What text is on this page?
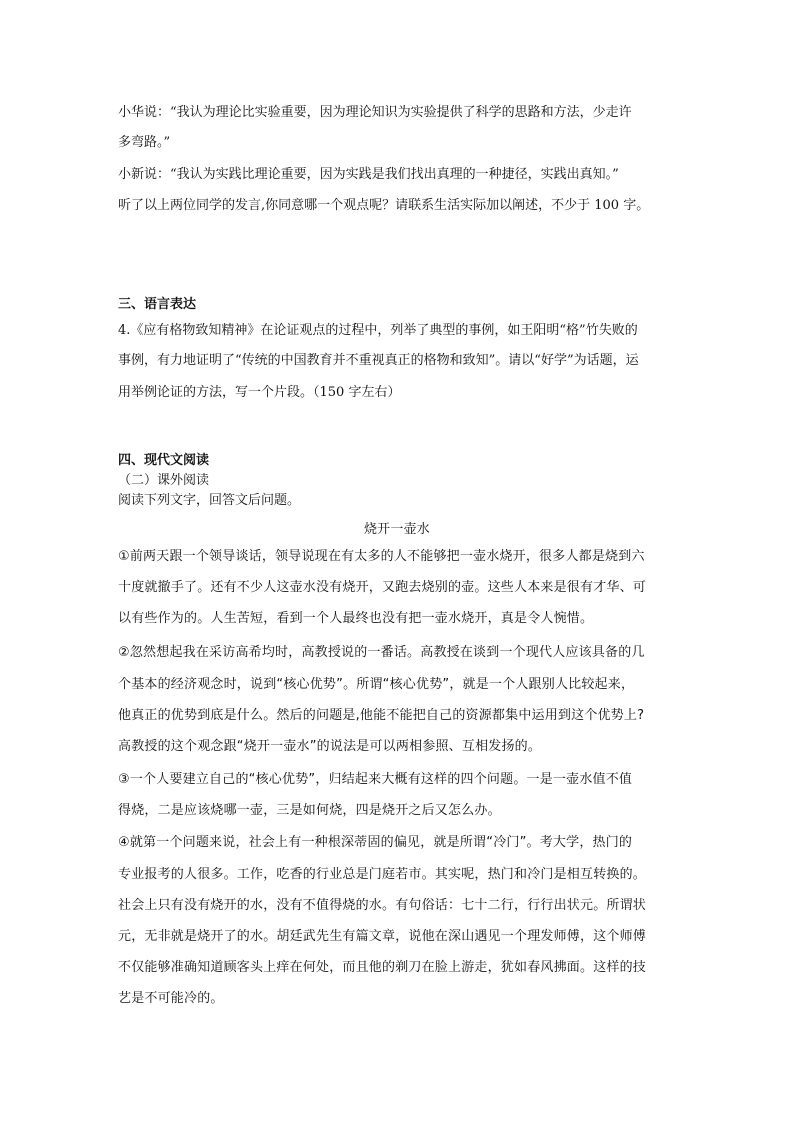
小华说：“我认为理论比实验重要，因为理论知识为实验提供了科学的思路和方法，少走许
多弯路。”
小新说：“我认为实践比理论重要，因为实践是我们找出真理的一种捷径，实践出真知。”
听了以上两位同学的发言,你同意哪一个观点呢？请联系生活实际加以阐述，不少于 100 字。
三、语言表达
4.《应有格物致知精神》在论证观点的过程中，列举了典型的事例，如王阳明“格”竹失败的
事例，有力地证明了“传统的中国教育并不重视真正的格物和致知”。请以“好学”为话题，运
用举例论证的方法，写一个片段。（150 字左右）
四、现代文阅读
（二）课外阅读
阅读下列文字，回答文后问题。
烧开一壶水
①前两天跟一个领导谈话，领导说现在有太多的人不能够把一壶水烧开，很多人都是烧到六
十度就撤手了。还有不少人这壶水没有烧开，又跑去烧别的壶。这些人本来是很有才华、可
以有些作为的。人生苦短，看到一个人最终也没有把一壶水烧开，真是令人惋惜。
②忽然想起我在采访高希均时，高教授说的一番话。高教授在谈到一个现代人应该具备的几
个基本的经济观念时，说到“核心优势”。所谓“核心优势”，就是一个人跟别人比较起来，
他真正的优势到底是什么。然后的问题是,他能不能把自己的资源都集中运用到这个优势上?
高教授的这个观念跟“烧开一壶水”的说法是可以两相参照、互相发扬的。
③一个人要建立自己的“核心优势”，归结起来大概有这样的四个问题。一是一壶水值不值
得烧，二是应该烧哪一壶，三是如何烧，四是烧开之后又怎么办。
④就第一个问题来说，社会上有一种根深蒂固的偏见，就是所谓“冷门”。考大学，热门的
专业报考的人很多。工作，吃香的行业总是门庭若市。其实呢，热门和冷门是相互转换的。
社会上只有没有烧开的水，没有不值得烧的水。有句俗话：七十二行，行行出状元。所谓状
元，无非就是烧开了的水。胡廷武先生有篇文章，说他在深山遇见一个理发师傅，这个师傅
不仅能够准确知道顾客头上痒在何处，而且他的剃刀在脸上游走，犹如春风拂面。这样的技
艺是不可能冷的。
